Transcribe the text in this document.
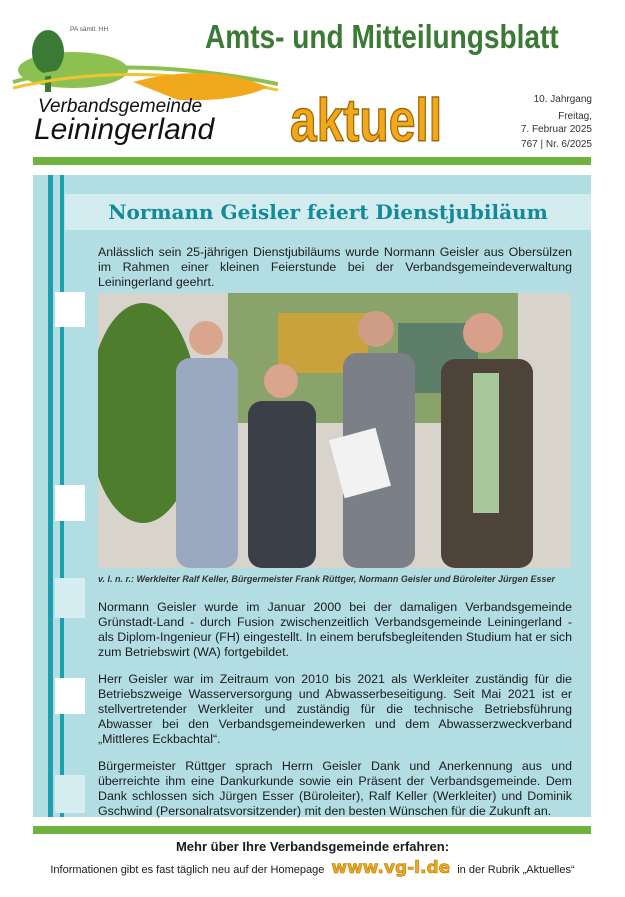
PA sämtl. HH	Amts- und Mitteilungsblatt
Verbandsgemeinde
Leiningerland aktuell	10. Jahrgang
Freitag,
7. Februar 2025
767 | Nr. 6/2025
Normann Geisler feiert Dienstjubiläum
Anlässlich sein 25-jährigen Dienstjubiläums wurde Normann Geisler aus Obersülzen im Rahmen einer kleinen Feierstunde bei der Verbandsgemeindeverwaltung Leiningerland geehrt.
v. l. n. r.: Werkleiter Ralf Keller, Bürgermeister Frank Rüttger, Normann Geisler und Büroleiter Jürgen Esser

Normann Geisler wurde im Januar 2000 bei der damaligen Verbandsgemeinde Grünstadt-Land - durch Fusion zwischenzeitlich Verbandsgemeinde Leiningerland - als Diplom-Ingenieur (FH) eingestellt. In einem berufsbegleitenden Studium hat er sich zum Betriebswirt (WA) fortgebildet.

Herr Geisler war im Zeitraum von 2010 bis 2021 als Werkleiter zuständig für die Betriebszweige Wasserversorgung und Abwasserbeseitigung. Seit Mai 2021 ist er stellvertretender Werkleiter und zuständig für die technische Betriebsführung Abwasser bei den Verbandsgemeindewerken und dem Abwasserzweckverband „Mittleres Eckbachtal“.

Bürgermeister Rüttger sprach Herrn Geisler Dank und Anerkennung aus und überreichte ihm eine Dankurkunde sowie ein Präsent der Verbandsgemeinde. Dem Dank schlossen sich Jürgen Esser (Büroleiter), Ralf Keller (Werkleiter) und Dominik Gschwind (Personalratsvorsitzender) mit den besten Wünschen für die Zukunft an.

Mehr über Ihre Verbandsgemeinde erfahren:
Informationen gibt es fast täglich neu auf der Homepage www.vg-l.de in der Rubrik „Aktuelles“
